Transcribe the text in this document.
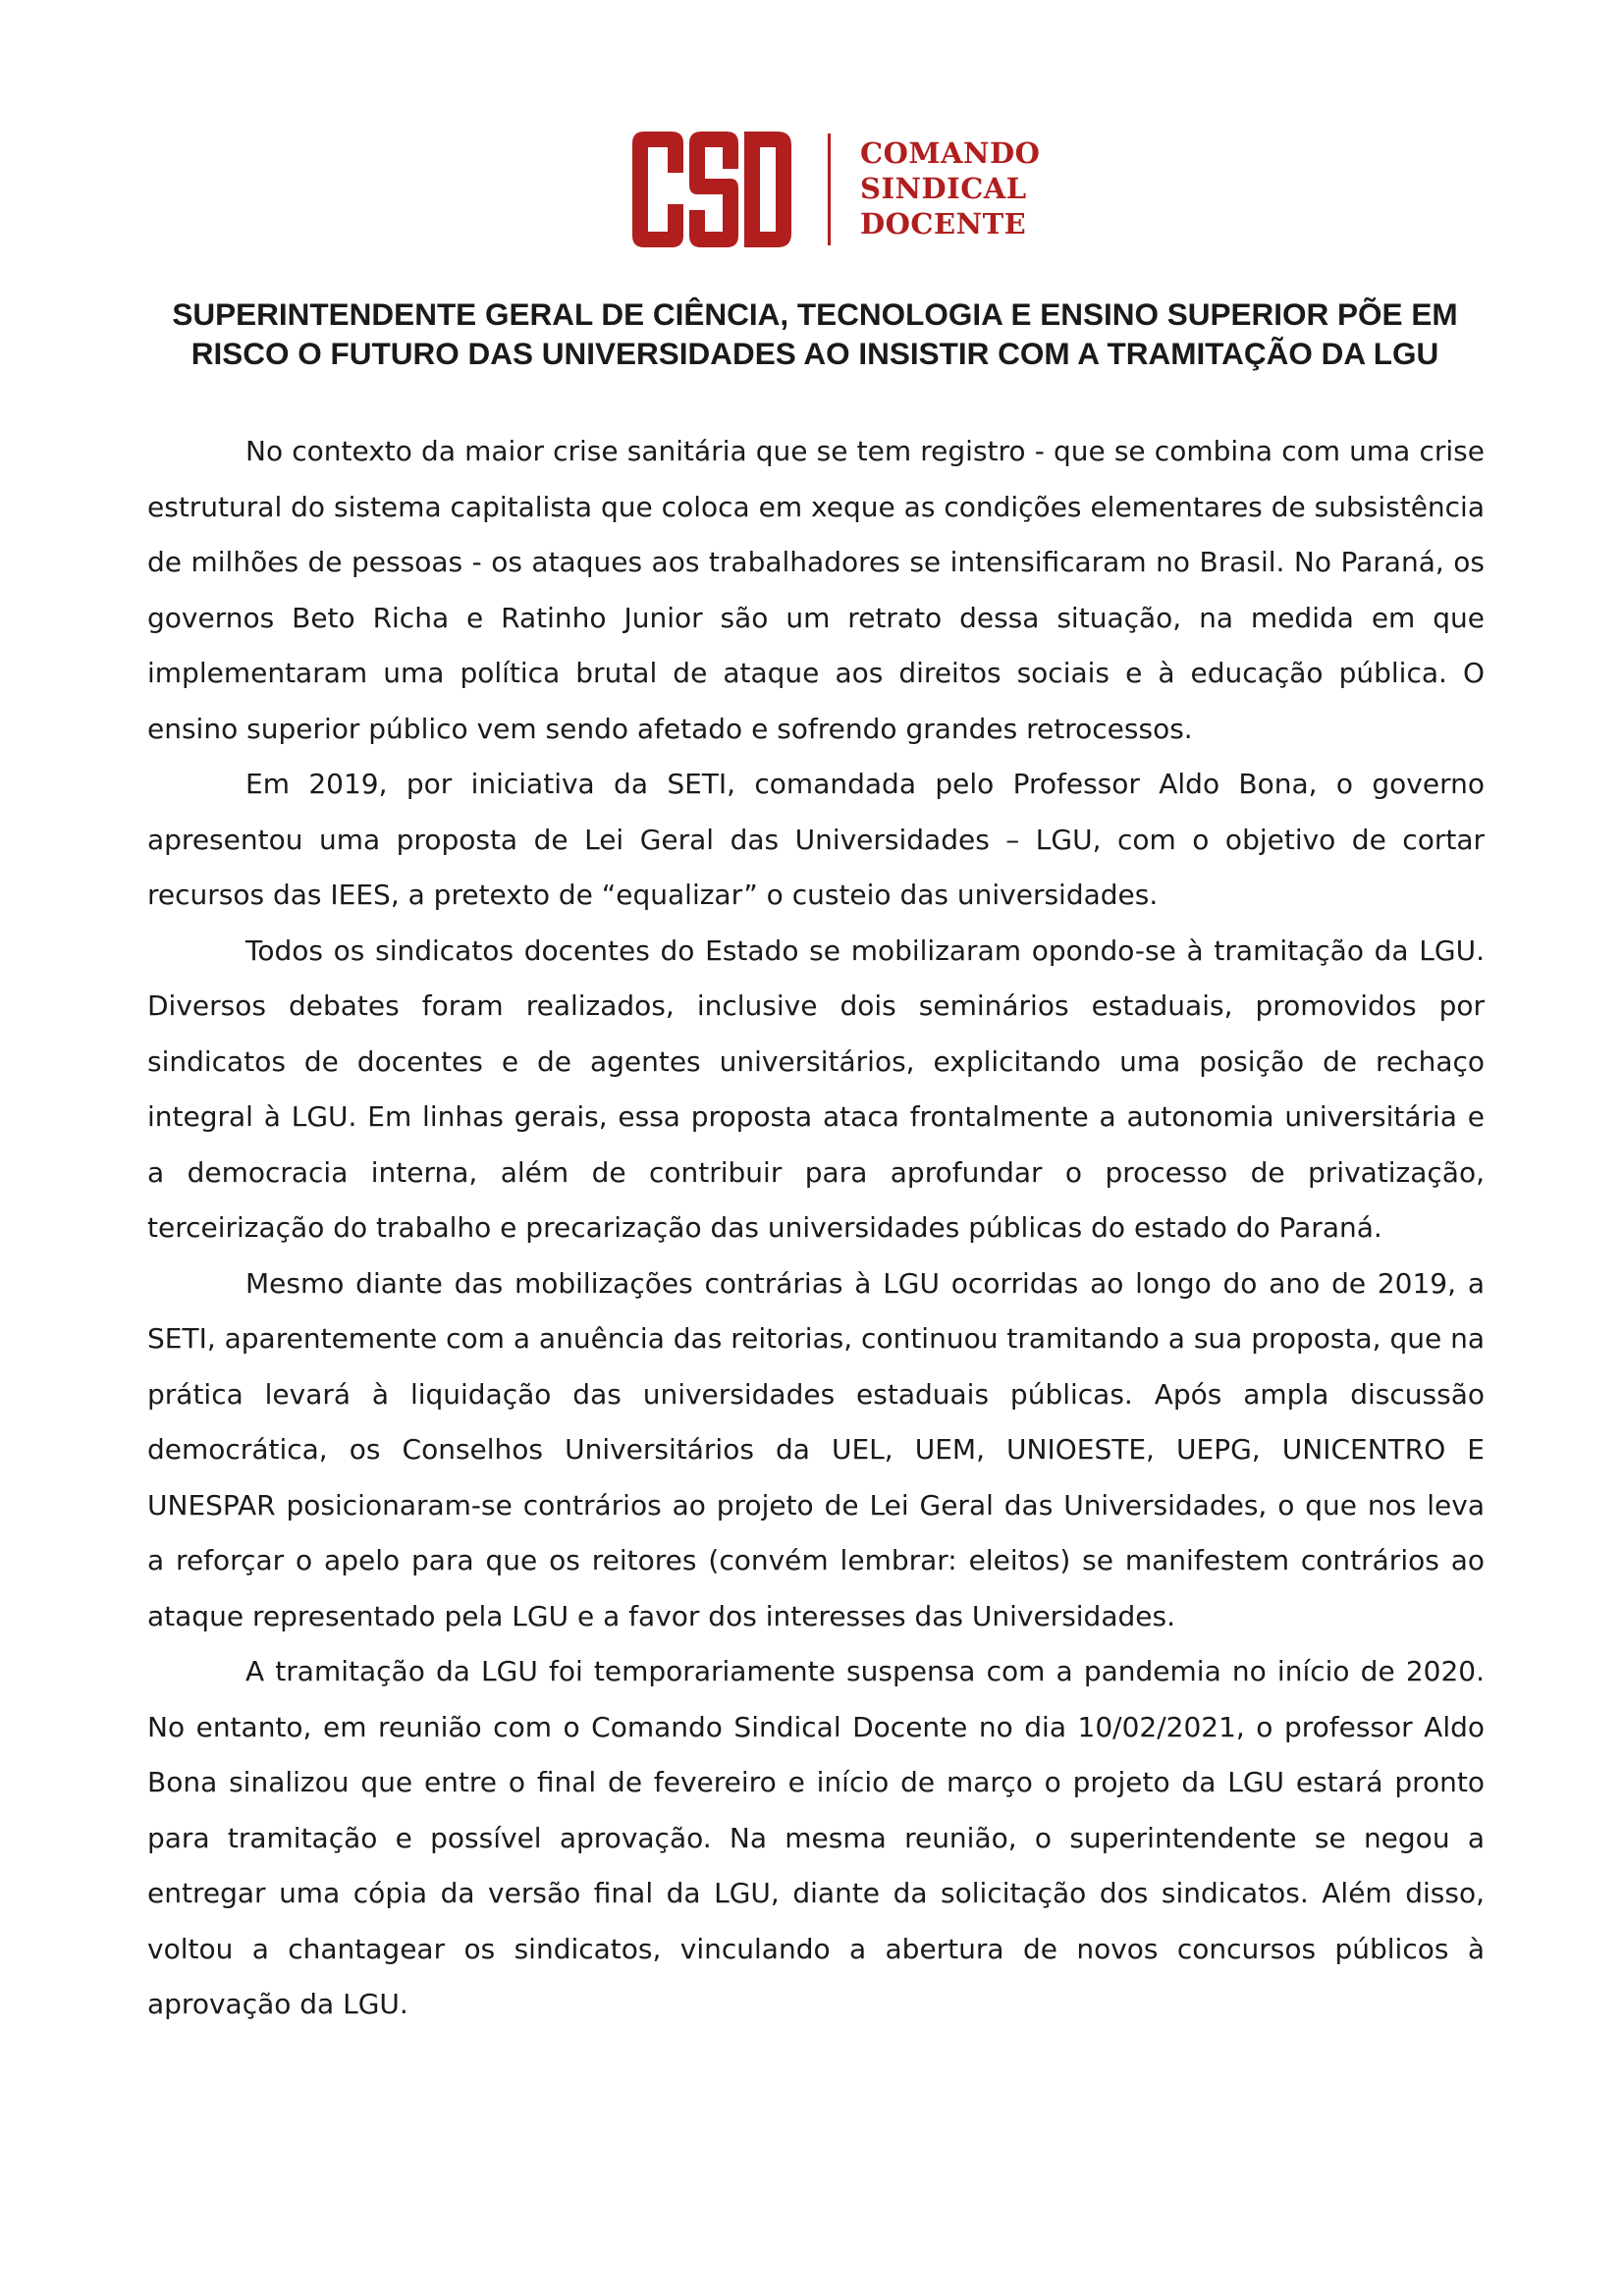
COMANDO
SINDICAL
DOCENTE
SUPERINTENDENTE GERAL DE CIÊNCIA, TECNOLOGIA E ENSINO SUPERIOR PÕE EM
RISCO O FUTURO DAS UNIVERSIDADES AO INSISTIR COM A TRAMITAÇÃO DA LGU

No contexto da maior crise sanitária que se tem registro - que se combina com uma crise estrutural do sistema capitalista que coloca em xeque as condições elementares de subsistência de milhões de pessoas - os ataques aos trabalhadores se intensificaram no Brasil. No Paraná, os governos Beto Richa e Ratinho Junior são um retrato dessa situação, na medida em que implementaram uma política brutal de ataque aos direitos sociais e à educação pública. O ensino superior público vem sendo afetado e sofrendo grandes retrocessos.

Em 2019, por iniciativa da SETI, comandada pelo Professor Aldo Bona, o governo apresentou uma proposta de Lei Geral das Universidades – LGU, com o objetivo de cortar recursos das IEES, a pretexto de “equalizar” o custeio das universidades.

Todos os sindicatos docentes do Estado se mobilizaram opondo-se à tramitação da LGU. Diversos debates foram realizados, inclusive dois seminários estaduais, promovidos por sindicatos de docentes e de agentes universitários, explicitando uma posição de rechaço integral à LGU. Em linhas gerais, essa proposta ataca frontalmente a autonomia universitária e a democracia interna, além de contribuir para aprofundar o processo de privatização, terceirização do trabalho e precarização das universidades públicas do estado do Paraná.

Mesmo diante das mobilizações contrárias à LGU ocorridas ao longo do ano de 2019, a SETI, aparentemente com a anuência das reitorias, continuou tramitando a sua proposta, que na prática levará à liquidação das universidades estaduais públicas. Após ampla discussão democrática, os Conselhos Universitários da UEL, UEM, UNIOESTE, UEPG, UNICENTRO E UNESPAR posicionaram-se contrários ao projeto de Lei Geral das Universidades, o que nos leva a reforçar o apelo para que os reitores (convém lembrar: eleitos) se manifestem contrários ao ataque representado pela LGU e a favor dos interesses das Universidades.

A tramitação da LGU foi temporariamente suspensa com a pandemia no início de 2020. No entanto, em reunião com o Comando Sindical Docente no dia 10/02/2021, o professor Aldo Bona sinalizou que entre o final de fevereiro e início de março o projeto da LGU estará pronto para tramitação e possível aprovação. Na mesma reunião, o superintendente se negou a entregar uma cópia da versão final da LGU, diante da solicitação dos sindicatos. Além disso, voltou a chantagear os sindicatos, vinculando a abertura de novos concursos públicos à aprovação da LGU.
